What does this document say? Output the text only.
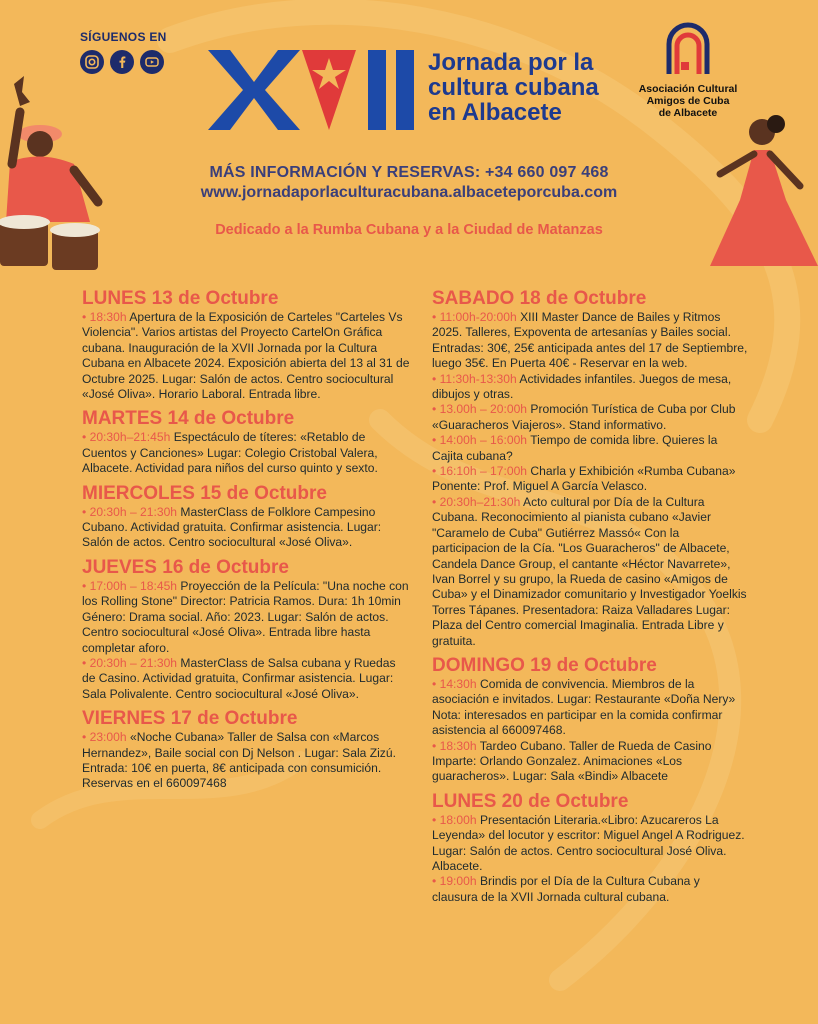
SÍGUENOS EN
Jornada por la
cultura cubana
en Albacete
Asociación Cultural
Amigos de Cuba
de Albacete
MÁS INFORMACIÓN Y RESERVAS: +34 660 097 468
www.jornadaporlaculturacubana.albaceteporcuba.com
Dedicado a la Rumba Cubana y a la Ciudad de Matanzas
LUNES 13 de Octubre
• 18:30h Apertura de la Exposición de Carteles "Carteles Vs Violencia". Varios artistas del Proyecto CartelOn Gráfica cubana. Inauguración de la XVII Jornada por la Cultura Cubana en Albacete 2024. Exposición abierta del 13 al 31 de Octubre 2025. Lugar: Salón de actos. Centro sociocultural «José Oliva». Horario Laboral. Entrada libre.
MARTES 14 de Octubre
• 20:30h–21:45h Espectáculo de títeres: «Retablo de Cuentos y Canciones» Lugar: Colegio Cristobal Valera, Albacete. Actividad para niños del curso quinto y sexto.
MIERCOLES 15 de Octubre
• 20:30h – 21:30h MasterClass de Folklore Campesino Cubano. Actividad gratuita. Confirmar asistencia. Lugar: Salón de actos. Centro sociocultural «José Oliva».
JUEVES 16 de Octubre
• 17:00h – 18:45h Proyección de la Película: "Una noche con los Rolling Stone" Director: Patricia Ramos. Dura: 1h 10min Género: Drama social. Año: 2023. Lugar: Salón de actos. Centro sociocultural «José Oliva». Entrada libre hasta completar aforo.
• 20:30h – 21:30h MasterClass de Salsa cubana y Ruedas de Casino. Actividad gratuita, Confirmar asistencia. Lugar: Sala Polivalente. Centro sociocultural «José Oliva».
VIERNES 17 de Octubre
• 23:00h «Noche Cubana» Taller de Salsa con «Marcos Hernandez», Baile social con Dj Nelson . Lugar: Sala Zizú. Entrada: 10€ en puerta, 8€ anticipada con consumición. Reservas en el 660097468
SABADO 18 de Octubre
• 11:00h-20:00h XIII Master Dance de Bailes y Ritmos 2025. Talleres, Expoventa de artesanías y Bailes social. Entradas: 30€, 25€ anticipada antes del 17 de Septiembre, luego 35€. En Puerta 40€ - Reservar en la web.
• 11:30h-13:30h Actividades infantiles. Juegos de mesa, dibujos y otras.
• 13.00h – 20:00h Promoción Turística de Cuba por Club «Guaracheros Viajeros». Stand informativo.
• 14:00h – 16:00h Tiempo de comida libre. Quieres la Cajita cubana?
• 16:10h – 17:00h Charla y Exhibición «Rumba Cubana» Ponente: Prof. Miguel A García Velasco.
• 20:30h–21:30h Acto cultural por Día de la Cultura Cubana. Reconocimiento al pianista cubano «Javier "Caramelo de Cuba" Gutiérrez Massó« Con la participacion de la Cía. "Los Guaracheros" de Albacete, Candela Dance Group, el cantante «Héctor Navarrete», Ivan Borrel y su grupo, la Rueda de casino «Amigos de Cuba» y el Dinamizador comunitario y Investigador Yoelkis Torres Tápanes. Presentadora: Raiza Valladares Lugar: Plaza del Centro comercial Imaginalia. Entrada Libre y gratuita.
DOMINGO 19 de Octubre
• 14:30h Comida de convivencia. Miembros de la asociación e invitados. Lugar: Restaurante «Doña Nery» Nota: interesados en participar en la comida confirmar asistencia al 660097468.
• 18:30h Tardeo Cubano. Taller de Rueda de Casino Imparte: Orlando Gonzalez. Animaciones «Los guaracheros». Lugar: Sala «Bindi» Albacete
LUNES 20 de Octubre
• 18:00h Presentación Literaria.«Libro: Azucareros La Leyenda» del locutor y escritor: Miguel Angel A Rodriguez. Lugar: Salón de actos. Centro sociocultural José Oliva. Albacete.
• 19:00h Brindis por el Día de la Cultura Cubana y clausura de la XVII Jornada cultural cubana.
